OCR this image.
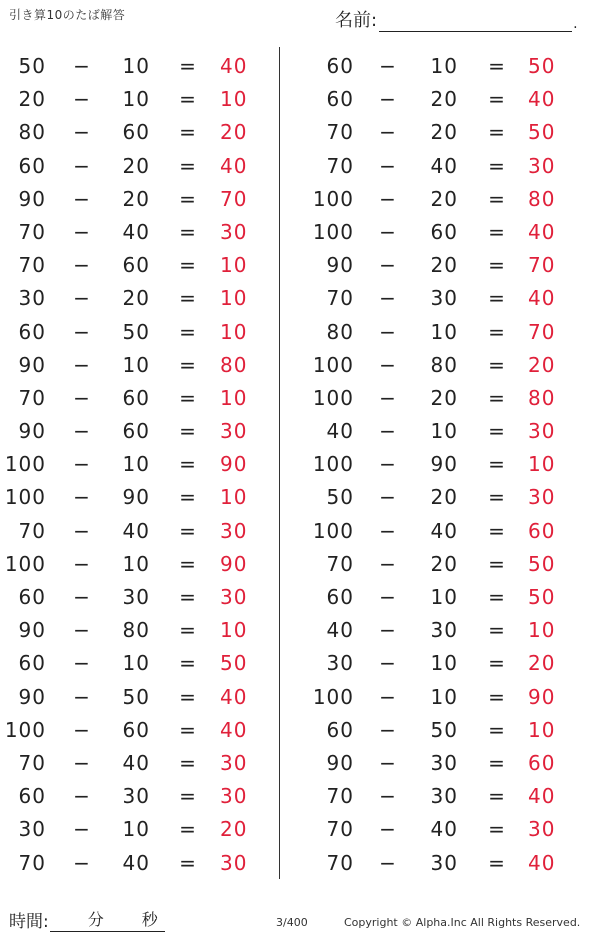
引き算10のたば解答	名前:	.
50 −	10 = 40
20 −	10 = 10
80 −	60 = 20
60 −	20 = 40
90 −	20 = 70
70 −	40 = 30
70 −	60 = 10
30 −	20 = 10
60 −	50 = 10
90 −	10 = 80
70 −	60 = 10
90 −	60 = 30
100 −	10 = 90
100 −	90 = 10
70 −	40 = 30
100 −	10 = 90
60 −	30 = 30
90 −	80 = 10
60 −	10 = 50
90 −	50 = 40
100 −	60 = 40
70 −	40 = 30
60 −	30 = 30
30 −	10 = 20
70 −	40 = 30
60 −	10 = 50
60 −	20 = 40
70 −	20 = 50
70 −	40 = 30
100 −	20 = 80
100 −	60 = 40
90 −	20 = 70
70 −	30 = 40
80 −	10 = 70
100 −	80 = 20
100 −	20 = 80
40 −	10 = 30
100 −	90 = 10
50 −	20 = 30
100 −	40 = 60
70 −	20 = 50
60 −	10 = 50
40 −	30 = 10
30 −	10 = 20
100 −	10 = 90
60 −	50 = 10
90 −	30 = 60
70 −	30 = 40
70 −	40 = 30
70 −	30 = 40
時間: 分 秒	3/400	Copyright © Alpha.Inc All Rights Reserved.
